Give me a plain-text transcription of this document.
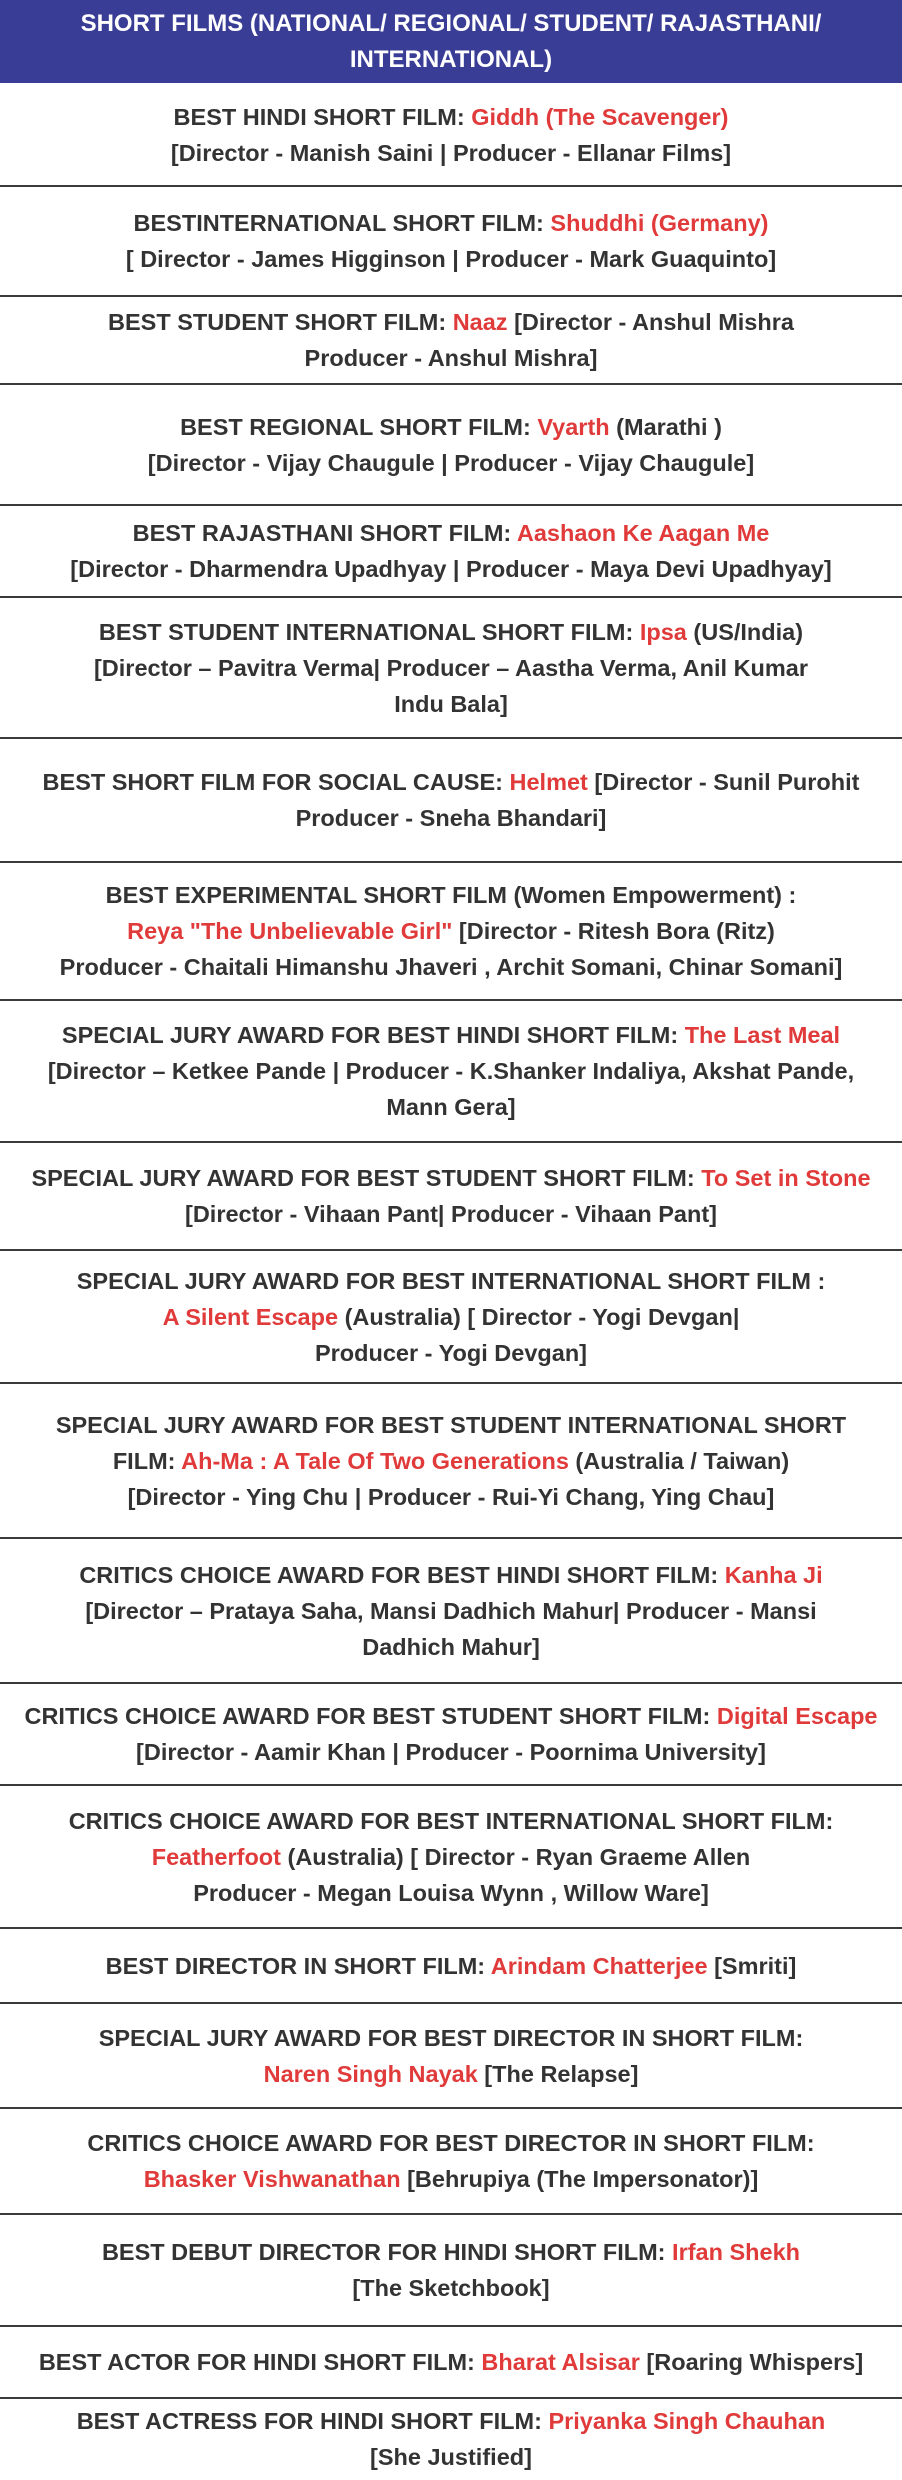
SHORT FILMS (NATIONAL/ REGIONAL/ STUDENT/ RAJASTHANI/
INTERNATIONAL)
BEST HINDI SHORT FILM: Giddh (The Scavenger)
[Director - Manish Saini | Producer - Ellanar Films]
BESTINTERNATIONAL SHORT FILM: Shuddhi (Germany)
[ Director - James Higginson | Producer - Mark Guaquinto]
BEST STUDENT SHORT FILM: Naaz [Director - Anshul Mishra
Producer - Anshul Mishra]
BEST REGIONAL SHORT FILM: Vyarth (Marathi )
[Director - Vijay Chaugule | Producer - Vijay Chaugule]
BEST RAJASTHANI SHORT FILM: Aashaon Ke Aagan Me
[Director - Dharmendra Upadhyay | Producer - Maya Devi Upadhyay]
BEST STUDENT INTERNATIONAL SHORT FILM: Ipsa (US/India)
[Director – Pavitra Verma| Producer – Aastha Verma, Anil Kumar
Indu Bala]
BEST SHORT FILM FOR SOCIAL CAUSE: Helmet [Director - Sunil Purohit
Producer - Sneha Bhandari]
BEST EXPERIMENTAL SHORT FILM (Women Empowerment) :
Reya "The Unbelievable Girl" [Director - Ritesh Bora (Ritz)
Producer - Chaitali Himanshu Jhaveri , Archit Somani, Chinar Somani]
SPECIAL JURY AWARD FOR BEST HINDI SHORT FILM: The Last Meal
[Director – Ketkee Pande | Producer - K.Shanker Indaliya, Akshat Pande,
Mann Gera]
SPECIAL JURY AWARD FOR BEST STUDENT SHORT FILM: To Set in Stone
[Director - Vihaan Pant| Producer - Vihaan Pant]
SPECIAL JURY AWARD FOR BEST INTERNATIONAL SHORT FILM :
A Silent Escape (Australia) [ Director - Yogi Devgan|
Producer - Yogi Devgan]
SPECIAL JURY AWARD FOR BEST STUDENT INTERNATIONAL SHORT
FILM: Ah-Ma : A Tale Of Two Generations (Australia / Taiwan)
[Director - Ying Chu | Producer - Rui-Yi Chang, Ying Chau]
CRITICS CHOICE AWARD FOR BEST HINDI SHORT FILM: Kanha Ji
[Director – Prataya Saha, Mansi Dadhich Mahur| Producer - Mansi
Dadhich Mahur]
CRITICS CHOICE AWARD FOR BEST STUDENT SHORT FILM: Digital Escape
[Director - Aamir Khan | Producer - Poornima University]
CRITICS CHOICE AWARD FOR BEST INTERNATIONAL SHORT FILM:
Featherfoot (Australia) [ Director - Ryan Graeme Allen
Producer - Megan Louisa Wynn , Willow Ware]
BEST DIRECTOR IN SHORT FILM: Arindam Chatterjee [Smriti]
SPECIAL JURY AWARD FOR BEST DIRECTOR IN SHORT FILM:
Naren Singh Nayak [The Relapse]
CRITICS CHOICE AWARD FOR BEST DIRECTOR IN SHORT FILM:
Bhasker Vishwanathan [Behrupiya (The Impersonator)]
BEST DEBUT DIRECTOR FOR HINDI SHORT FILM: Irfan Shekh
[The Sketchbook]
BEST ACTOR FOR HINDI SHORT FILM: Bharat Alsisar [Roaring Whispers]
BEST ACTRESS FOR HINDI SHORT FILM: Priyanka Singh Chauhan
[She Justified]
